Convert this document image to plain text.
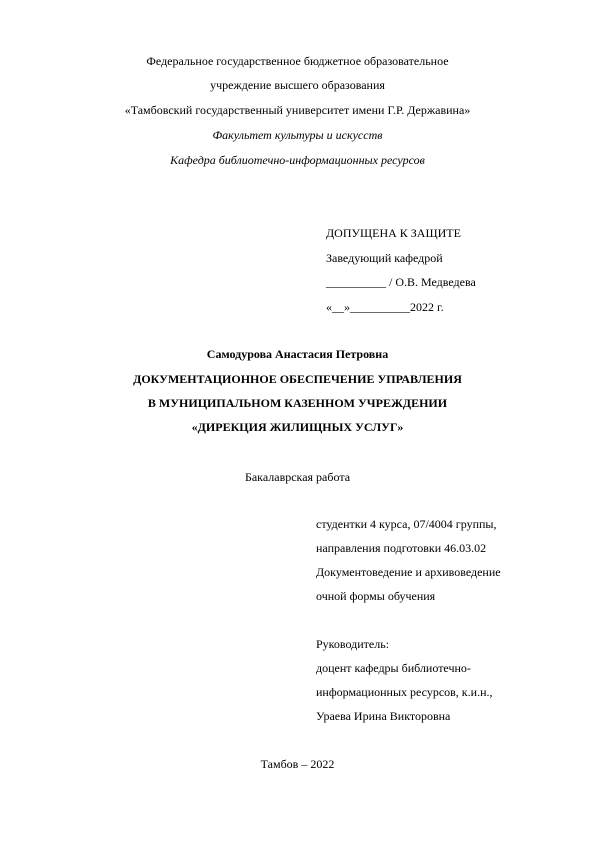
Федеральное государственное бюджетное образовательное
учреждение высшего образования
«Тамбовский государственный университет имени Г.Р. Державина»
Факультет культуры и искусств
Кафедра библиотечно-информационных ресурсов
ДОПУЩЕНА К ЗАЩИТЕ
Заведующий кафедрой
__________ / О.В. Медведева
«__»__________2022 г.
Самодурова Анастасия Петровна
ДОКУМЕНТАЦИОННОЕ ОБЕСПЕЧЕНИЕ УПРАВЛЕНИЯ
В МУНИЦИПАЛЬНОМ КАЗЕННОМ УЧРЕЖДЕНИИ
«ДИРЕКЦИЯ ЖИЛИЩНЫХ УСЛУГ»
Бакалаврская работа
студентки 4 курса, 07/4004 группы,
направления подготовки 46.03.02
Документоведение и архивоведение
очной формы обучения
Руководитель:
доцент кафедры библиотечно-
информационных ресурсов, к.и.н.,
Ураева Ирина Викторовна
Тамбов – 2022
